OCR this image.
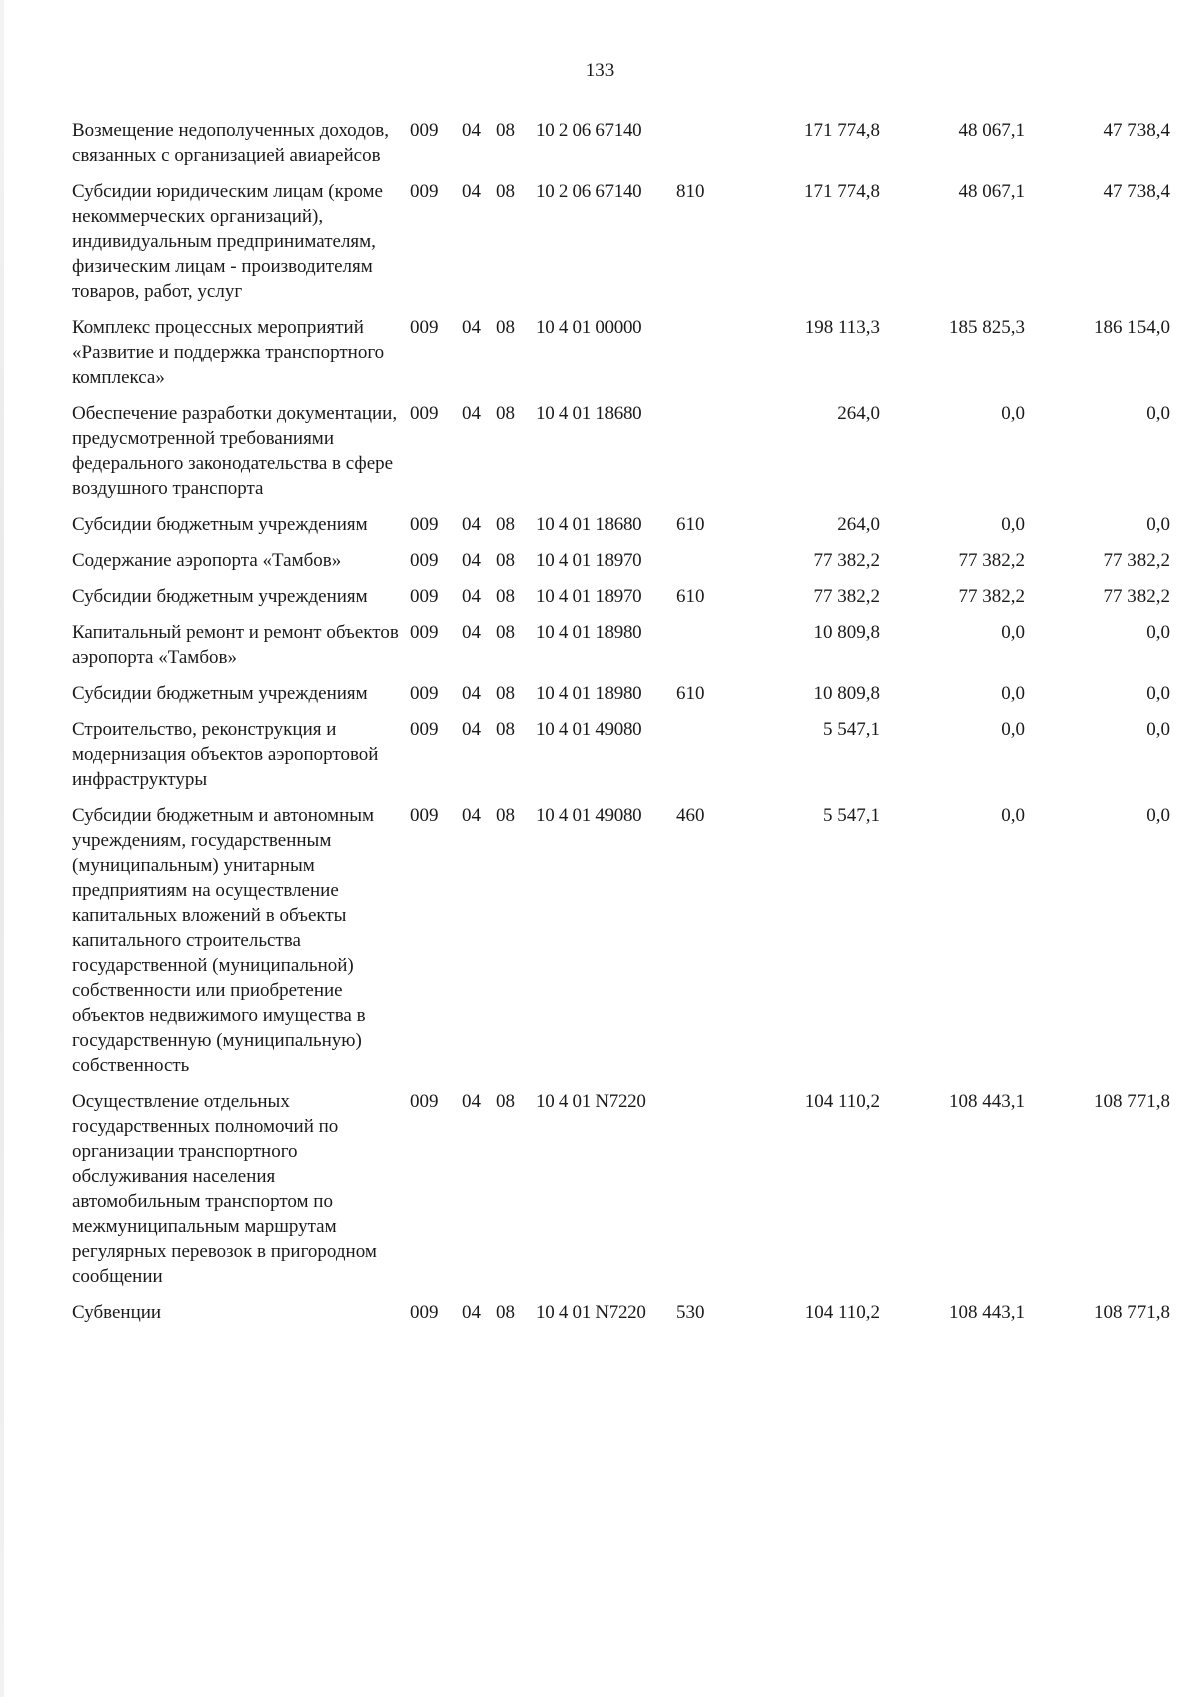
133
Возмещение недополученных доходов, связанных с организацией авиарейсов	009	04	08	10 2 06 67140		171 774,8	48 067,1	47 738,4
Субсидии юридическим лицам (кроме некоммерческих организаций), индивидуальным предпринимателям, физическим лицам - производителям товаров, работ, услуг	009	04	08	10 2 06 67140	810	171 774,8	48 067,1	47 738,4
Комплекс процессных мероприятий «Развитие и поддержка транспортного комплекса»	009	04	08	10 4 01 00000		198 113,3	185 825,3	186 154,0
Обеспечение разработки документации, предусмотренной требованиями федерального законодательства в сфере воздушного транспорта	009	04	08	10 4 01 18680		264,0	0,0	0,0
Субсидии бюджетным учреждениям	009	04	08	10 4 01 18680	610	264,0	0,0	0,0
Содержание аэропорта «Тамбов»	009	04	08	10 4 01 18970		77 382,2	77 382,2	77 382,2
Субсидии бюджетным учреждениям	009	04	08	10 4 01 18970	610	77 382,2	77 382,2	77 382,2
Капитальный ремонт и ремонт объектов аэропорта «Тамбов»	009	04	08	10 4 01 18980		10 809,8	0,0	0,0
Субсидии бюджетным учреждениям	009	04	08	10 4 01 18980	610	10 809,8	0,0	0,0
Строительство, реконструкция и модернизация объектов аэропортовой инфраструктуры	009	04	08	10 4 01 49080		5 547,1	0,0	0,0
Субсидии бюджетным и автономным учреждениям, государственным (муниципальным) унитарным предприятиям на осуществление капитальных вложений в объекты капитального строительства государственной (муниципальной) собственности или приобретение объектов недвижимого имущества в государственную (муниципальную) собственность	009	04	08	10 4 01 49080	460	5 547,1	0,0	0,0
Осуществление отдельных государственных полномочий по организации транспортного обслуживания населения автомобильным транспортом по межмуниципальным маршрутам регулярных перевозок в пригородном сообщении	009	04	08	10 4 01 N7220		104 110,2	108 443,1	108 771,8
Субвенции	009	04	08	10 4 01 N7220	530	104 110,2	108 443,1	108 771,8
